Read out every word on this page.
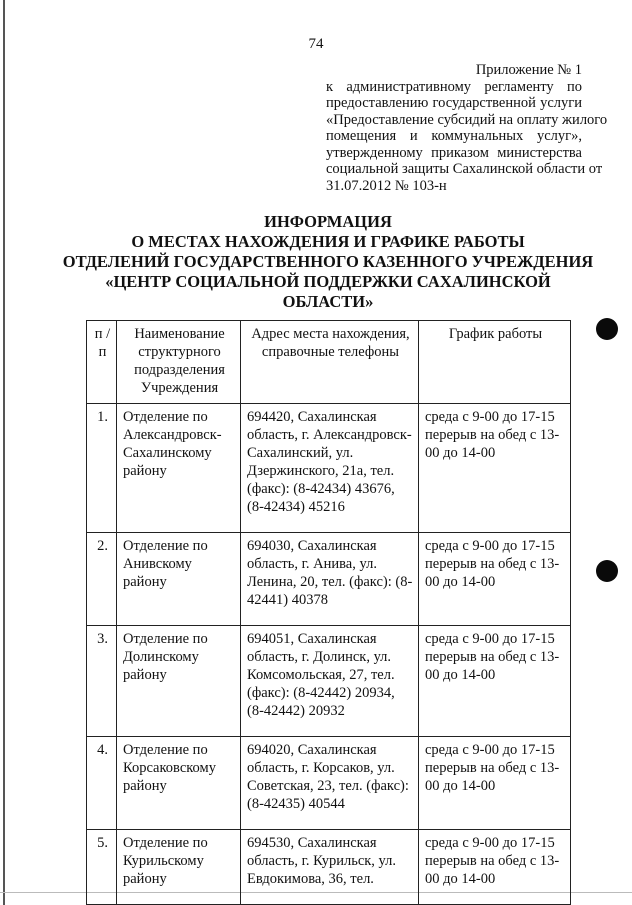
74
Приложение № 1
к административному регламенту по
предоставлению государственной услуги
«Предоставление субсидий на оплату жилого
помещения и коммунальных услуг»,
утвержденному приказом министерства
социальной защиты Сахалинской области от
31.07.2012 № 103-н
ИНФОРМАЦИЯ
О МЕСТАХ НАХОЖДЕНИЯ И ГРАФИКЕ РАБОТЫ
ОТДЕЛЕНИЙ ГОСУДАРСТВЕННОГО КАЗЕННОГО УЧРЕЖДЕНИЯ
«ЦЕНТР СОЦИАЛЬНОЙ ПОДДЕРЖКИ САХАЛИНСКОЙ
ОБЛАСТИ»
п /п	Наименование структурного подразделения Учреждения	Адрес места нахождения, справочные телефоны	График работы
1.	Отделение по Александровск-Сахалинскому району	694420, Сахалинская область, г. Александровск-Сахалинский, ул. Дзержинского, 21а, тел. (факс): (8-42434) 43676, (8-42434) 45216	среда с 9-00 до 17-15 перерыв на обед с 13-00 до 14-00
2.	Отделение по Анивскому району	694030, Сахалинская область, г. Анива, ул. Ленина, 20, тел. (факс): (8-42441) 40378	среда с 9-00 до 17-15 перерыв на обед с 13-00 до 14-00
3.	Отделение по Долинскому району	694051, Сахалинская область, г. Долинск, ул. Комсомольская, 27, тел. (факс): (8-42442) 20934, (8-42442) 20932	среда с 9-00 до 17-15 перерыв на обед с 13-00 до 14-00
4.	Отделение по Корсаковскому району	694020, Сахалинская область, г. Корсаков, ул. Советская, 23, тел. (факс): (8-42435) 40544	среда с 9-00 до 17-15 перерыв на обед с 13-00 до 14-00
5.	Отделение по Курильскому району	694530, Сахалинская область, г. Курильск, ул. Евдокимова, 36, тел.	среда с 9-00 до 17-15 перерыв на обед с 13-00 до 14-00
